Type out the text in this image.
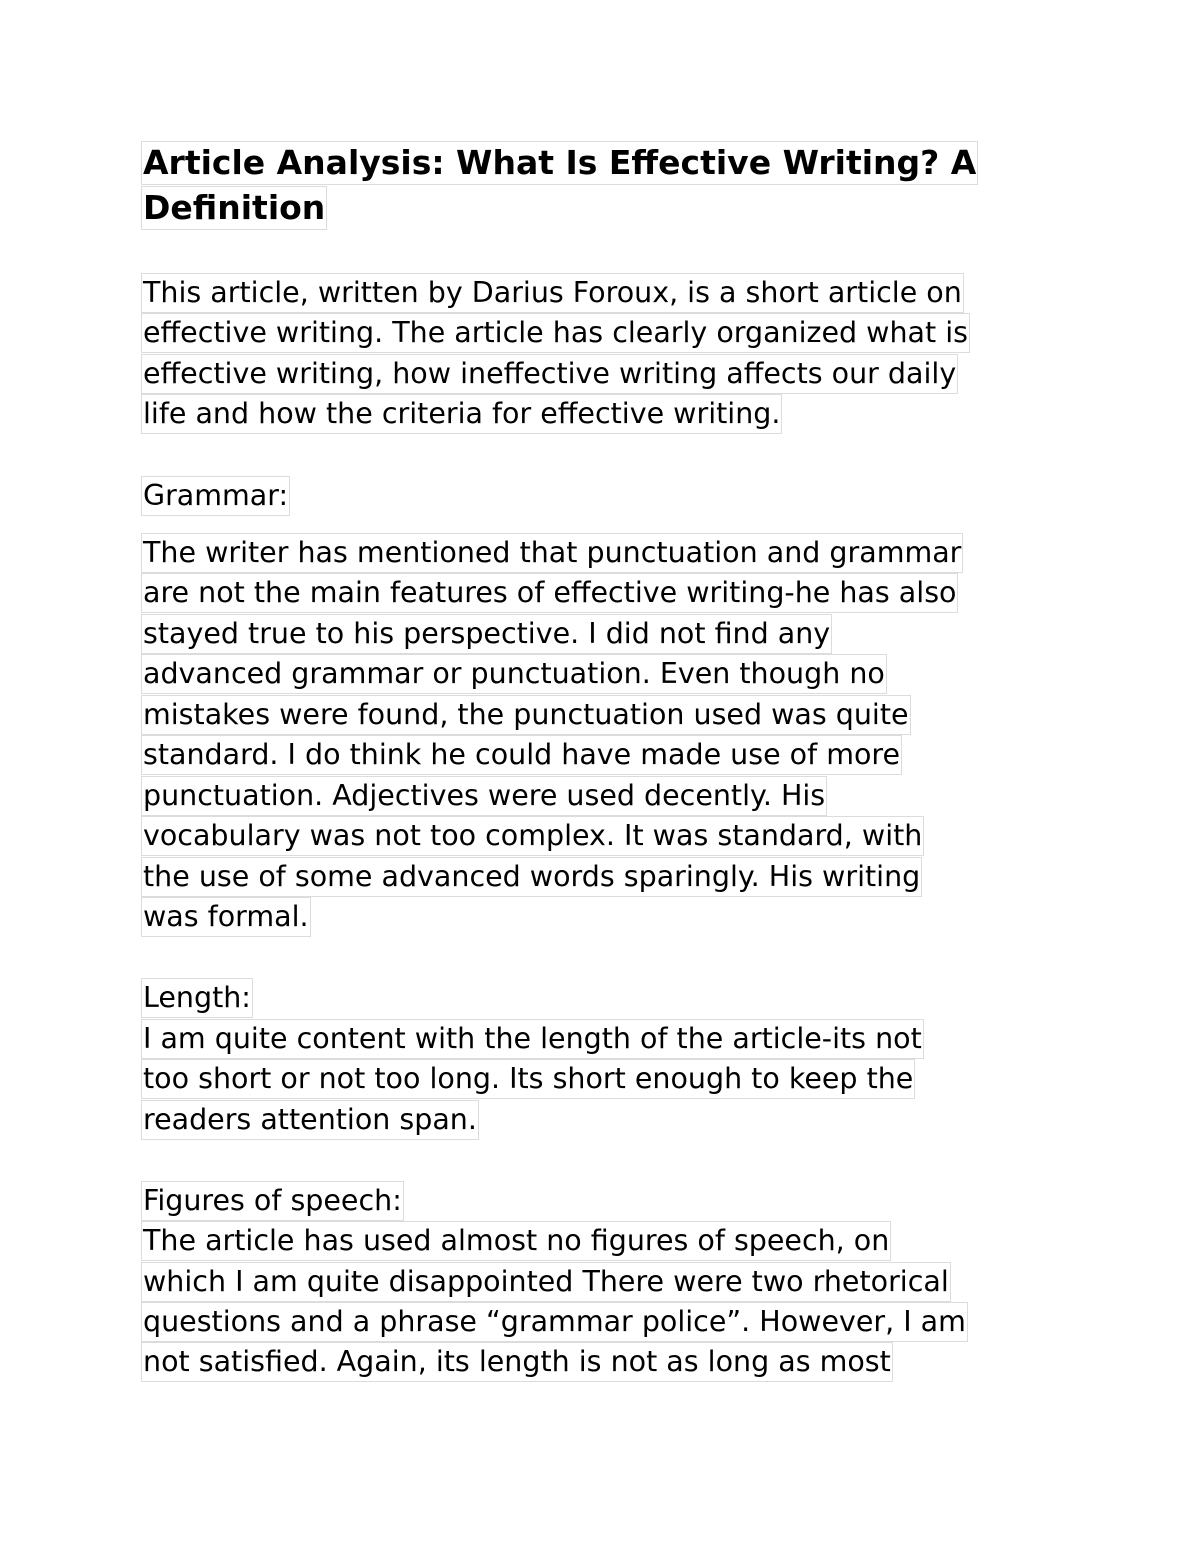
Article Analysis: What Is Effective Writing? A
Definition
This article, written by Darius Foroux, is a short article on
effective writing. The article has clearly organized what is
effective writing, how ineffective writing affects our daily
life and how the criteria for effective writing.
Grammar:
The writer has mentioned that punctuation and grammar
are not the main features of effective writing-he has also
stayed true to his perspective. I did not find any
advanced grammar or punctuation. Even though no
mistakes were found, the punctuation used was quite
standard. I do think he could have made use of more
punctuation. Adjectives were used decently. His
vocabulary was not too complex. It was standard, with
the use of some advanced words sparingly. His writing
was formal.
Length:
I am quite content with the length of the article-its not
too short or not too long. Its short enough to keep the
readers attention span.
Figures of speech:
The article has used almost no figures of speech, on
which I am quite disappointed There were two rhetorical
questions and a phrase “grammar police”. However, I am
not satisfied. Again, its length is not as long as most
